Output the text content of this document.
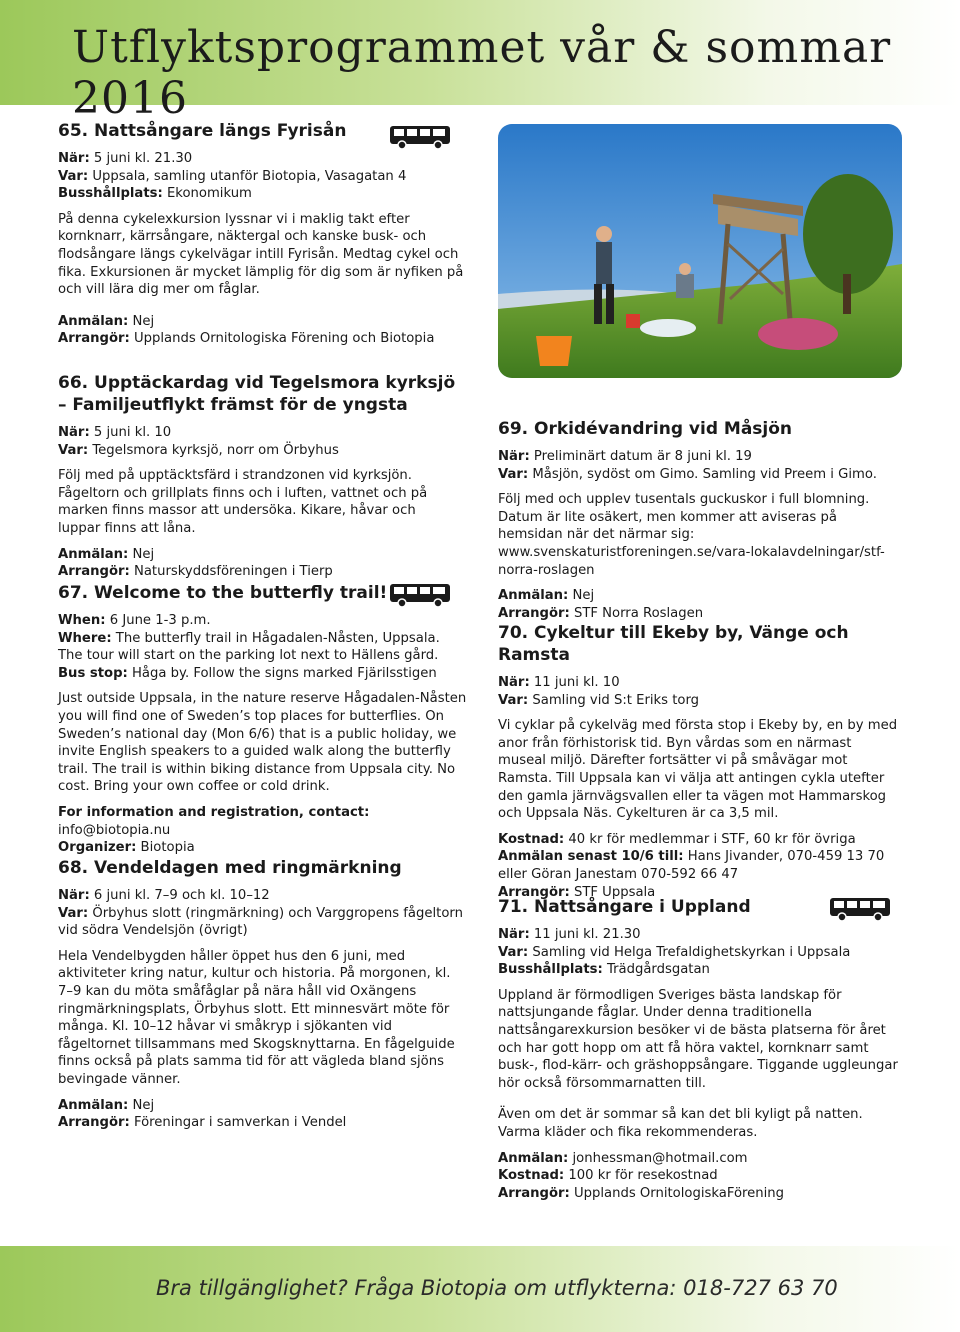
Utflyktsprogrammet vår & sommar 2016
65. Nattsångare längs Fyrisån

När: 5 juni kl. 21.30

Var: Uppsala, samling utanför Biotopia, Vasagatan 4

Busshållplats: Ekonomikum

På denna cykelexkursion lyssnar vi i maklig takt efter kornknarr, kärrsångare, näktergal och kanske busk- och flodsångare längs cykelvägar intill Fyrisån. Medtag cykel och fika. Exkursionen är mycket lämplig för dig som är nyfiken på och vill lära dig mer om fåglar.

Anmälan: Nej

Arrangör: Upplands Ornitologiska Förening och Biotopia

66. Upptäckardag vid Tegelsmora kyrksjö – Familjeutflykt främst för de yngsta

När: 5 juni kl. 10

Var: Tegelsmora kyrksjö, norr om Örbyhus

Följ med på upptäcktsfärd i strandzonen vid kyrksjön. Fågeltorn och grillplats finns och i luften, vattnet och på marken finns massor att undersöka. Kikare, håvar och luppar finns att låna.

Anmälan: Nej

Arrangör: Naturskyddsföreningen i Tierp

67. Welcome to the butterfly trail!

When: 6 June 1-3 p.m.

Where: The butterfly trail in Hågadalen-Nåsten, Uppsala. The tour will start on the parking lot next to Hällens gård.

Bus stop: Håga by. Follow the signs marked Fjärilsstigen

Just outside Uppsala, in the nature reserve Hågadalen-Nåsten you will find one of Sweden’s top places for butterflies. On Sweden’s national day (Mon 6/6) that is a public holiday, we invite English speakers to a guided walk along the butterfly trail. The trail is within biking distance from Uppsala city. No cost. Bring your own coffee or cold drink.

For information and registration, contact: info@biotopia.nu

Organizer: Biotopia

68. Vendeldagen med ringmärkning

När: 6 juni kl. 7–9 och kl. 10–12

Var: Örbyhus slott (ringmärkning) och Varggropens fågeltorn vid södra Vendelsjön (övrigt)

Hela Vendelbygden håller öppet hus den 6 juni, med aktiviteter kring natur, kultur och historia. På morgonen, kl. 7–9 kan du möta småfåglar på nära håll vid Oxängens ringmärkningsplats, Örbyhus slott. Ett minnesvärt möte för många. Kl. 10–12 håvar vi småkryp i sjökanten vid fågeltornet tillsammans med Skogsknyttarna. En fågelguide finns också på plats samma tid för att vägleda bland sjöns bevingade vänner.

Anmälan: Nej

Arrangör: Föreningar i samverkan i Vendel

69. Orkidévandring vid Måsjön

När: Preliminärt datum är 8 juni kl. 19

Var: Måsjön, sydöst om Gimo. Samling vid Preem i Gimo.

Följ med och upplev tusentals guckuskor i full blomning. Datum är lite osäkert, men kommer att aviseras på hemsidan när det närmar sig: www.svenskaturistforeningen.se/vara-lokalavdelningar/stf-norra-roslagen

Anmälan: Nej

Arrangör: STF Norra Roslagen

70. Cykeltur till Ekeby by, Vänge och Ramsta

När: 11 juni kl. 10

Var: Samling vid S:t Eriks torg

Vi cyklar på cykelväg med första stop i Ekeby by, en by med anor från förhistorisk tid. Byn vårdas som en närmast museal miljö. Därefter fortsätter vi på småvägar mot Ramsta. Till Uppsala kan vi välja att antingen cykla utefter den gamla järnvägsvallen eller ta vägen mot Hammarskog och Uppsala Näs. Cykelturen är ca 3,5 mil.

Kostnad: 40 kr för medlemmar i STF, 60 kr för övriga

Anmälan senast 10/6 till: Hans Jivander, 070-459 13 70 eller Göran Janestam 070-592 66 47

Arrangör: STF Uppsala

71. Nattsångare i Uppland

När: 11 juni kl. 21.30

Var: Samling vid Helga Trefaldighetskyrkan i Uppsala

Busshållplats: Trädgårdsgatan

Uppland är förmodligen Sveriges bästa landskap för nattsjungande fåglar. Under denna traditionella nattsångarexkursion besöker vi de bästa platserna för året och har gott hopp om att få höra vaktel, kornknarr samt busk-, flod-kärr- och gräshoppsångare. Tiggande uggleungar hör också försommarnatten till.

Även om det är sommar så kan det bli kyligt på natten. Varma kläder och fika rekommenderas.

Anmälan: jonhessman@hotmail.com

Kostnad: 100 kr för resekostnad

Arrangör: Upplands OrnitologiskaFörening

Bra tillgänglighet? Fråga Biotopia om utflykterna: 018-727 63 70
